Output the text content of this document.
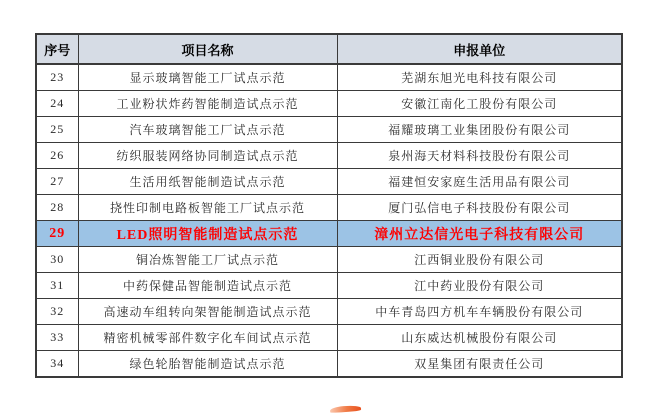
序号	项目名称	申报单位
23	显示玻璃智能工厂试点示范	芜湖东旭光电科技有限公司
24	工业粉状炸药智能制造试点示范	安徽江南化工股份有限公司
25	汽车玻璃智能工厂试点示范	福耀玻璃工业集团股份有限公司
26	纺织服装网络协同制造试点示范	泉州海天材料科技股份有限公司
27	生活用纸智能制造试点示范	福建恒安家庭生活用品有限公司
28	挠性印制电路板智能工厂试点示范	厦门弘信电子科技股份有限公司
29	LED照明智能制造试点示范	漳州立达信光电子科技有限公司
30	铜冶炼智能工厂试点示范	江西铜业股份有限公司
31	中药保健品智能制造试点示范	江中药业股份有限公司
32	高速动车组转向架智能制造试点示范	中车青岛四方机车车辆股份有限公司
33	精密机械零部件数字化车间试点示范	山东威达机械股份有限公司
34	绿色轮胎智能制造试点示范	双星集团有限责任公司
